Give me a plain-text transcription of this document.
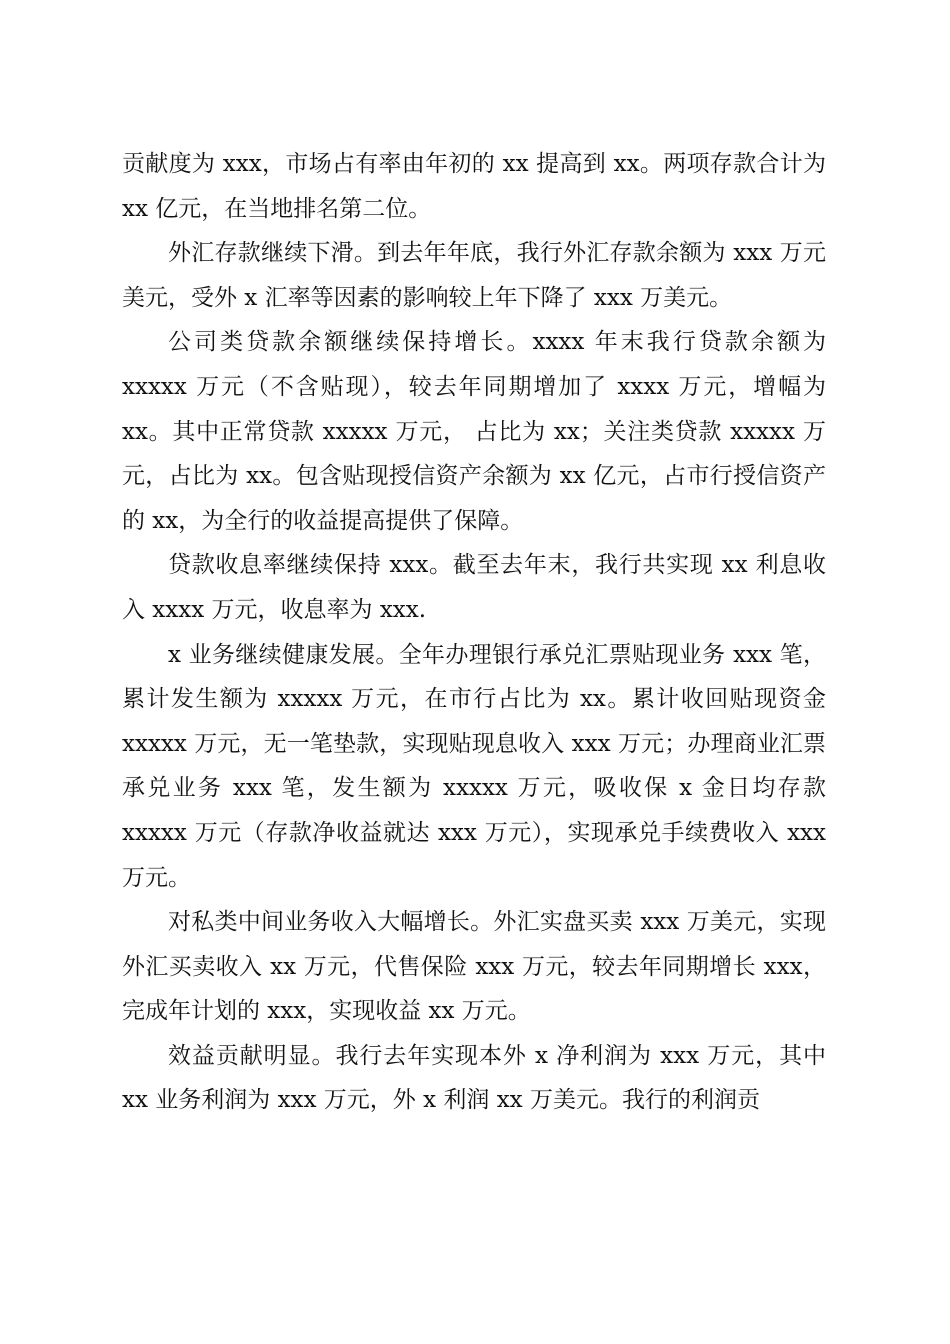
贡献度为 xxx，市场占有率由年初的 xx 提高到 xx。两项存款合计为 xx 亿元，在当地排名第二位。

外汇存款继续下滑。到去年年底，我行外汇存款余额为 xxx 万元美元，受外 x 汇率等因素的影响较上年下降了 xxx 万美元。

公司类贷款余额继续保持增长。xxxx 年末我行贷款余额为 xxxxx 万元（不含贴现），较去年同期增加了 xxxx 万元，增幅为 xx。其中正常贷款 xxxxx 万元， 占比为 xx；关注类贷款 xxxxx 万元，占比为 xx。包含贴现授信资产余额为 xx 亿元，占市行授信资产的 xx，为全行的收益提高提供了保障。

贷款收息率继续保持 xxx。截至去年末，我行共实现 xx 利息收入 xxxx 万元，收息率为 xxx.

x 业务继续健康发展。全年办理银行承兑汇票贴现业务 xxx 笔，累计发生额为 xxxxx 万元，在市行占比为 xx。累计收回贴现资金 xxxxx 万元，无一笔垫款，实现贴现息收入 xxx 万元；办理商业汇票承兑业务 xxx 笔，发生额为 xxxxx 万元，吸收保 x 金日均存款 xxxxx 万元（存款净收益就达 xxx 万元），实现承兑手续费收入 xxx 万元。

对私类中间业务收入大幅增长。外汇实盘买卖 xxx 万美元，实现外汇买卖收入 xx 万元，代售保险 xxx 万元，较去年同期增长 xxx，完成年计划的 xxx，实现收益 xx 万元。

效益贡献明显。我行去年实现本外 x 净利润为 xxx 万元，其中 xx 业务利润为 xxx 万元，外 x 利润 xx 万美元。我行的利润贡
